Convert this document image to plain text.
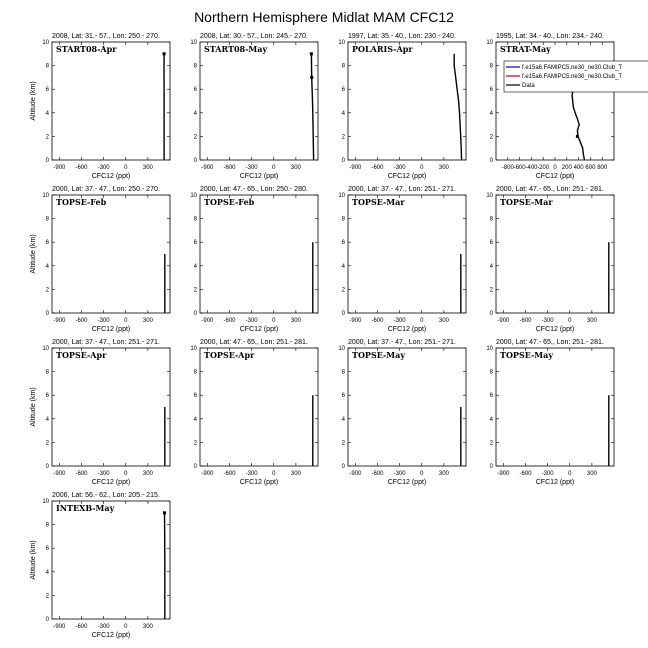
Northern Hemisphere Midlat MAM CFC12
2008, Lat: 31.- 57., Lon: 250.- 270.
START08-Apr
-900 -600 -300 0	300
0
2
4
6
8
10
CFC12 (ppt)
Altitude (km)
2008, Lat: 30.- 57., Lon: 245.- 270.
START08-May
-900 -600 -300 0	300
0
2
4
6
8
10
CFC12 (ppt)
1997, Lat: 35.- 40., Lon: 230.- 240.
POLARIS-Apr
-900 -600 -300 0	300
0
2
4
6
8
10
CFC12 (ppt)
1995, Lat: 34.- 40., Lon: 234.- 240.
STRAT-May
-800 -600 -400 -200 0 200 400 600 800
0
2
4
6
8
10
CFC12 (ppt)
f.e15a6.FAMIPC5.ne30_ne30.Club_T
f.e15a6.FAMIPC5.ne30_ne30.Club_T
Data
2000, Lat: 37.- 47., Lon: 250.- 270.
TOPSE-Feb
-900 -600 -300 0	300
0
2
4
6
8
10
CFC12 (ppt)
Altitude (km)
2000, Lat: 47.- 65., Lon: 250.- 280.
TOPSE-Feb
-900 -600 -300 0	300
0
2
4
6
8
10
CFC12 (ppt)
2000, Lat: 37.- 47., Lon: 251.- 271.
TOPSE-Mar
-900 -600 -300 0	300
0
2
4
6
8
10
CFC12 (ppt)
2000, Lat: 47.- 65., Lon: 251.- 281.
TOPSE-Mar
-900 -600 -300 0	300
0
2
4
6
8
10
CFC12 (ppt)
2000, Lat: 37.- 47., Lon: 251.- 271.
TOPSE-Apr
-900 -600 -300 0	300
0
2
4
6
8
10
CFC12 (ppt)
Altitude (km)
2000, Lat: 47.- 65., Lon: 251.- 281.
TOPSE-Apr
-900 -600 -300 0	300
0
2
4
6
8
10
CFC12 (ppt)
2000, Lat: 37.- 47., Lon: 251.- 271.
TOPSE-May
-900 -600 -300 0	300
0
2
4
6
8
10
CFC12 (ppt)
2000, Lat: 47.- 65., Lon: 251.- 281.
TOPSE-May
-900 -600 -300 0	300
0
2
4
6
8
10
CFC12 (ppt)
2006, Lat: 56.- 62., Lon: 205.- 215.
INTEXB-May
-900 -600 -300 0	300
0
2
4
6
8
10
CFC12 (ppt)
Altitude (km)
